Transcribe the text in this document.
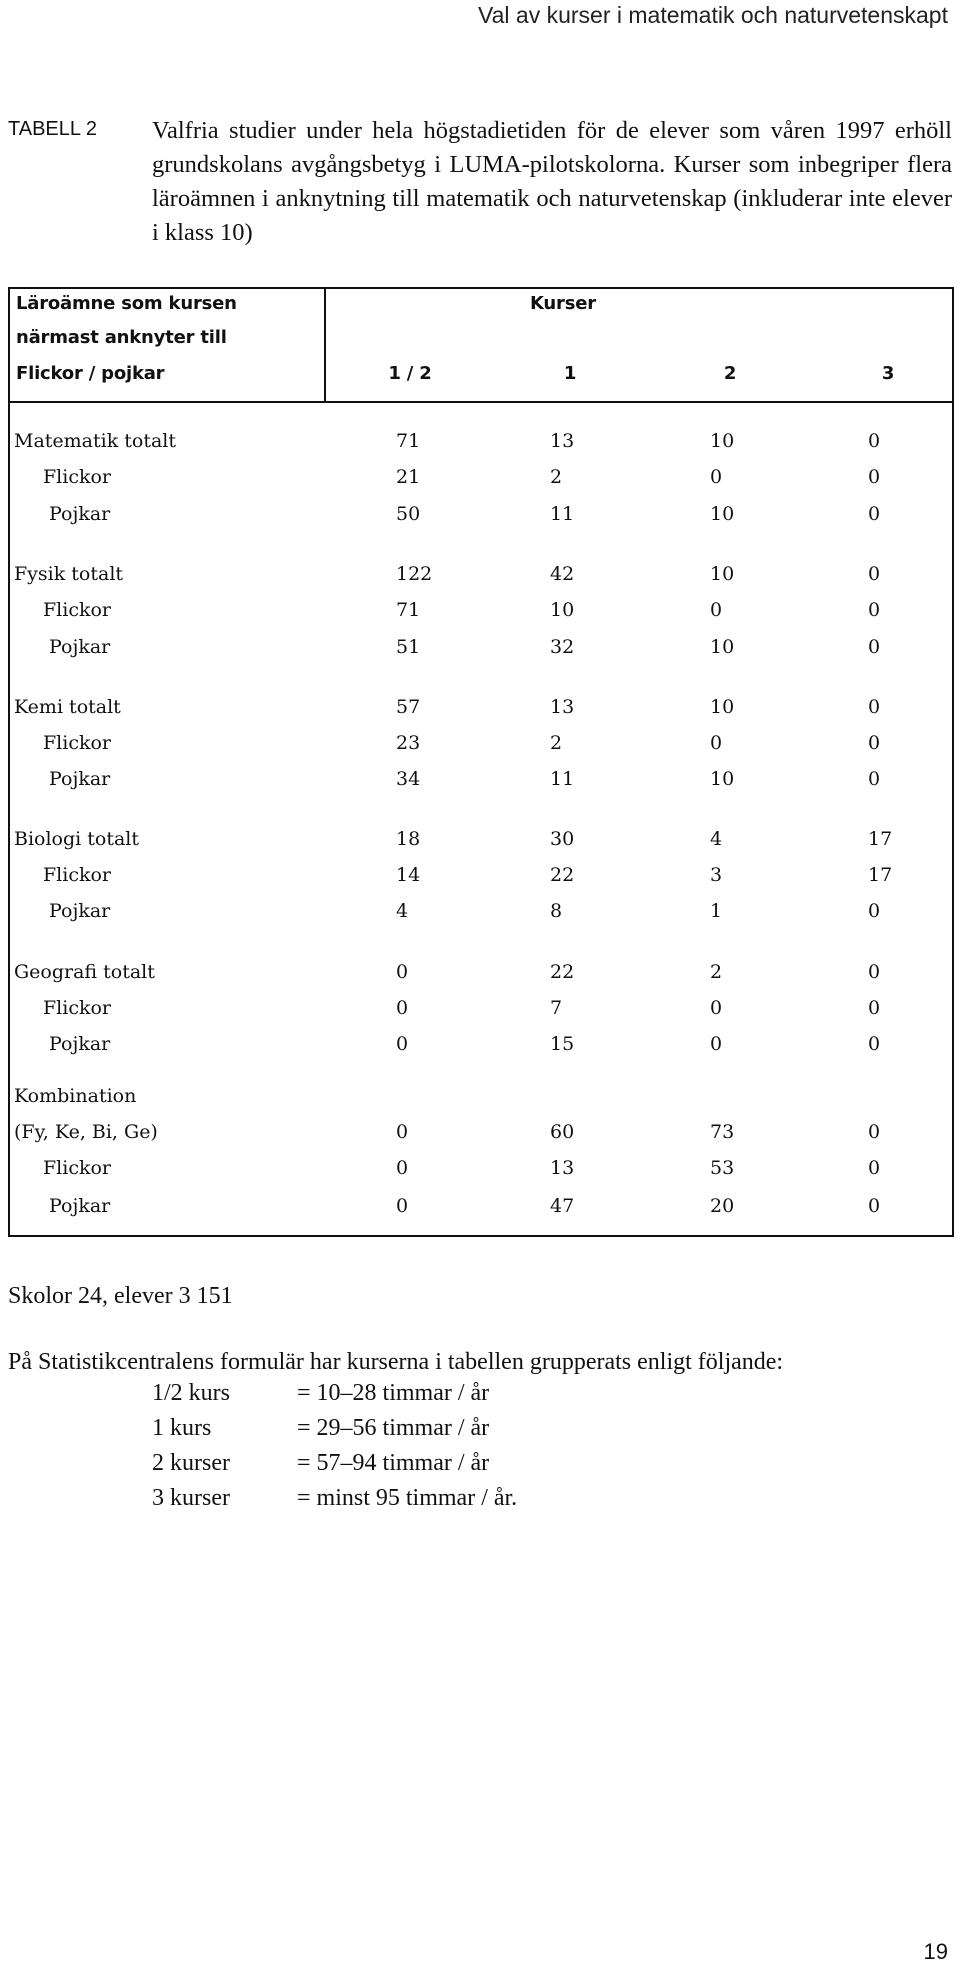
Val av kurser i matematik och naturvetenskapt
TABELL 2 Valfria studier under hela högstadietiden för de elever som våren 1997 erhöll grundskolans avgångsbetyg i LUMA-pilotskolorna. Kurser som inbegriper flera läroämnen i anknytning till matematik och naturvetenskap (inkluderar inte elever i klass 10)
Läroämne som kursen
närmast anknyter till
Flickor / pojkar
Kurser
1 / 2	1	2	3
Matematik totalt	71	13	10	0
Flickor	21	2	0	0
Pojkar	50	11	10	0
Fysik totalt	122	42	10	0
Flickor	71	10	0	0
Pojkar	51	32	10	0
Kemi totalt	57	13	10	0
Flickor	23	2	0	0
Pojkar	34	11	10	0
Biologi totalt	18	30	4	17
Flickor	14	22	3	17
Pojkar	4	8	1	0
Geografi totalt	0	22	2	0
Flickor	0	7	0	0
Pojkar	0	15	0	0
Kombination
(Fy, Ke, Bi, Ge)	0	60	73	0
Flickor	0	13	53	0
Pojkar	0	47	20	0
Skolor 24, elever 3 151
På Statistikcentralens formulär har kurserna i tabellen grupperats enligt följande:
1/2 kurs	= 10–28 timmar / år
1 kurs	= 29–56 timmar / år
2 kurser	= 57–94 timmar / år
3 kurser	= minst 95 timmar / år.
19
